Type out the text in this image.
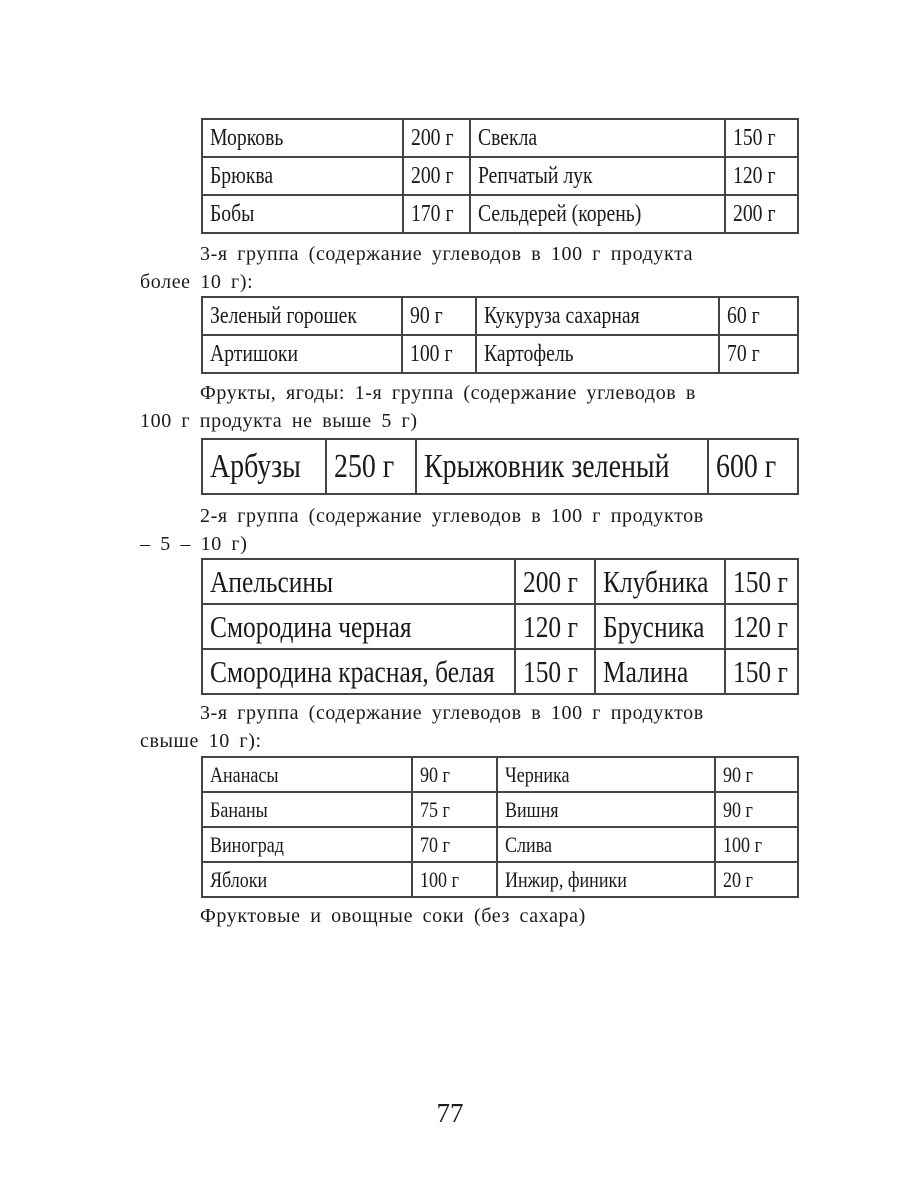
Морковь	200 г	Свекла	150 г
Брюква	200 г	Репчатый лук	120 г
Бобы	170 г	Сельдерей (корень)	200 г
3-я группа (содержание углеводов в 100 г продукта
более 10 г):
Зеленый горошек	90 г	Кукуруза сахарная	60 г
Артишоки	100 г	Картофель	70 г
Фрукты, ягоды: 1-я группа (содержание углеводов в
100 г продукта не выше 5 г)
Арбузы	250 г	Крыжовник зеленый	600 г
2-я группа (содержание углеводов в 100 г продуктов
– 5 – 10 г)
Апельсины	200 г	Клубника	150 г
Смородина черная	120 г	Брусника	120 г
Смородина красная, белая	150 г	Малина	150 г
3-я группа (содержание углеводов в 100 г продуктов
свыше 10 г):
Ананасы	90 г	Черника	90 г
Бананы	75 г	Вишня	90 г
Виноград	70 г	Слива	100 г
Яблоки	100 г	Инжир, финики	20 г
Фруктовые и овощные соки (без сахара)
77
